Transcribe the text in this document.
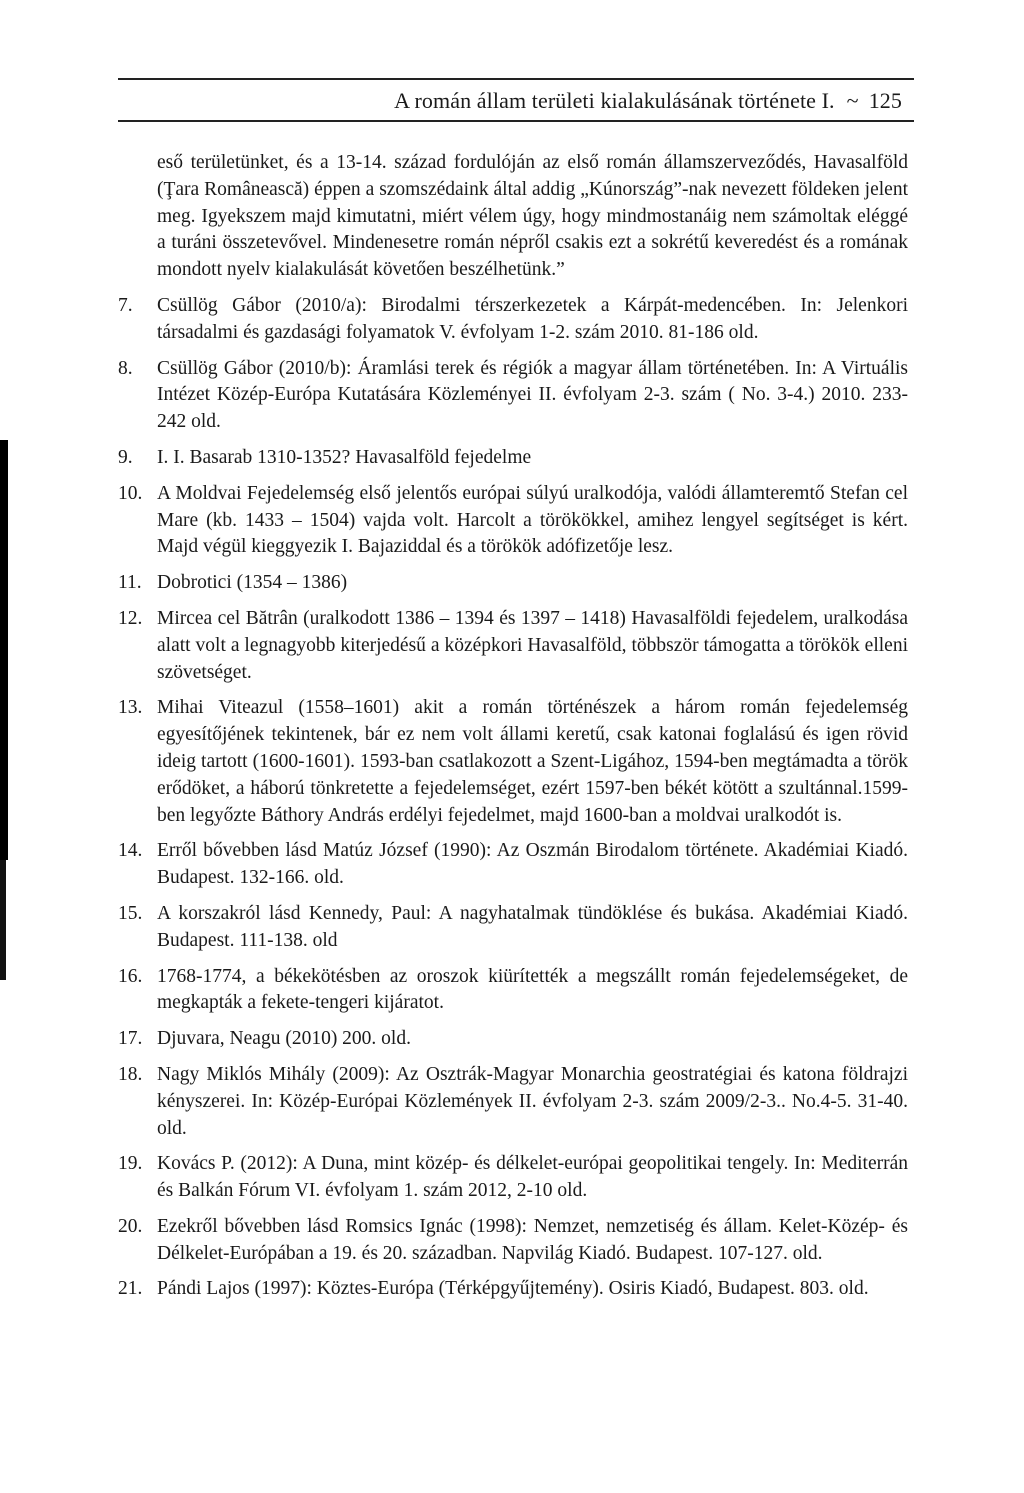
A román állam területi kialakulásának története I. ~ 125

eső területünket, és a 13-14. század fordulóján az első román államszerveződés, Havasalföld (Ţara Românească) éppen a szomszédaink által addig „Kúnország”-nak nevezett földeken jelent meg. Igyekszem majd kimutatni, miért vélem úgy, hogy mindmostanáig nem számoltak eléggé a turáni összetevővel. Mindenesetre román népről csakis ezt a sokrétű keveredést és a romának mondott nyelv kialakulását követően beszélhetünk.”

7.	Csüllög Gábor (2010/a): Birodalmi térszerkezetek a Kárpát-medencében. In: Jelenkori társadalmi és gazdasági folyamatok V. évfolyam 1-2. szám 2010. 81-186 old.
8.	Csüllög Gábor (2010/b): Áramlási terek és régiók a magyar állam történetében. In: A Virtuális Intézet Közép-Európa Kutatására Közleményei II. évfolyam 2-3. szám ( No. 3-4.) 2010. 233-242 old.
9.	I. I. Basarab 1310-1352? Havasalföld fejedelme
10. A Moldvai Fejedelemség első jelentős európai súlyú uralkodója, valódi államteremtő Stefan cel Mare (kb. 1433 – 1504) vajda volt. Harcolt a törökökkel, amihez lengyel segítséget is kért. Majd végül kieggyezik I. Bajaziddal és a törökök adófizetője lesz.
11. Dobrotici (1354 – 1386)
12. Mircea cel Bătrân (uralkodott 1386 – 1394 és 1397 – 1418) Havasalföldi fejedelem, uralkodása alatt volt a legnagyobb kiterjedésű a középkori Havasalföld, többször támogatta a törökök elleni szövetséget.
13. Mihai Viteazul (1558–1601) akit a román történészek a három román fejedelemség egyesítőjének tekintenek, bár ez nem volt állami keretű, csak katonai foglalású és igen rövid ideig tartott (1600-1601). 1593-ban csatlakozott a Szent-Ligához, 1594-ben megtámadta a török erődöket, a háború tönkretette a fejedelemséget, ezért 1597-ben békét kötött a szultánnal.1599-ben legyőzte Báthory András erdélyi fejedelmet, majd 1600-ban a moldvai uralkodót is.
14. Erről bővebben lásd Matúz József (1990): Az Oszmán Birodalom története. Akadémiai Kiadó. Budapest. 132-166. old.
15. A korszakról lásd Kennedy, Paul: A nagyhatalmak tündöklése és bukása. Akadémiai Kiadó. Budapest. 111-138. old
16. 1768-1774, a békekötésben az oroszok kiürítették a megszállt román fejedelemségeket, de megkapták a fekete-tengeri kijáratot.
17. Djuvara, Neagu (2010) 200. old.
18. Nagy Miklós Mihály (2009): Az Osztrák-Magyar Monarchia geostratégiai és katona földrajzi kényszerei. In: Közép-Európai Közlemények II. évfolyam 2-3. szám 2009/2-3.. No.4-5. 31-40. old.
19. Kovács P. (2012): A Duna, mint közép- és délkelet-európai geopolitikai tengely. In: Mediterrán és Balkán Fórum VI. évfolyam 1. szám 2012, 2-10 old.
20. Ezekről bővebben lásd Romsics Ignác (1998): Nemzet, nemzetiség és állam. Kelet-Közép- és Délkelet-Európában a 19. és 20. században. Napvilág Kiadó. Budapest. 107-127. old.
21. Pándi Lajos (1997): Köztes-Európa (Térképgyűjtemény). Osiris Kiadó, Budapest. 803. old.
